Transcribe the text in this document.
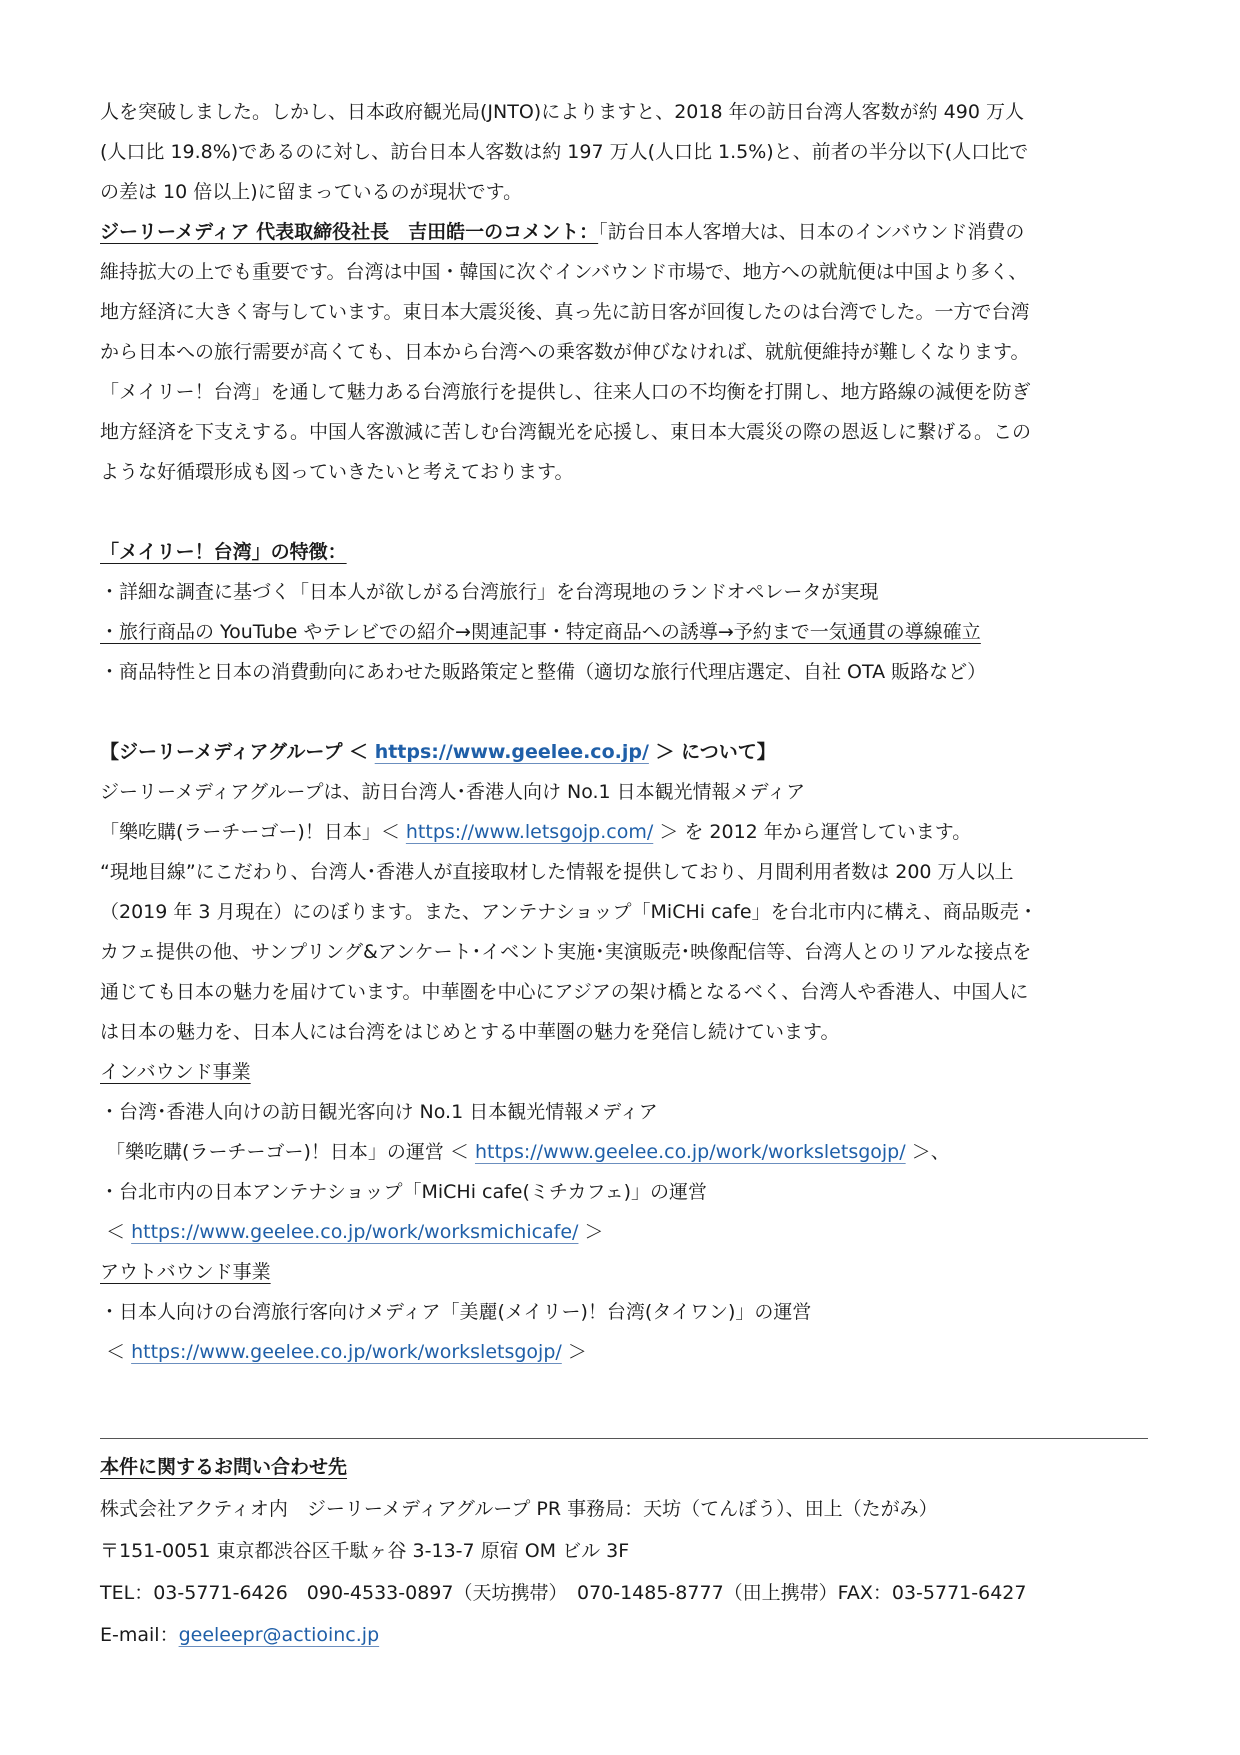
人を突破しました。しかし、日本政府観光局(JNTO)によりますと、2018 年の訪日台湾人客数が約 490 万人

(人口比 19.8%)であるのに対し、訪台日本人客数は約 197 万人(人口比 1.5%)と、前者の半分以下(人口比で

の差は 10 倍以上)に留まっているのが現状です。

ジーリーメディア 代表取締役社長　吉田皓一のコメント：「訪台日本人客増大は、日本のインバウンド消費の

維持拡大の上でも重要です。台湾は中国・韓国に次ぐインバウンド市場で、地方への就航便は中国より多く、

地方経済に大きく寄与しています。東日本大震災後、真っ先に訪日客が回復したのは台湾でした。一方で台湾

から日本への旅行需要が高くても、日本から台湾への乗客数が伸びなければ、就航便維持が難しくなります。

「メイリー！台湾」を通して魅力ある台湾旅行を提供し、往来人口の不均衡を打開し、地方路線の減便を防ぎ

地方経済を下支えする。中国人客激減に苦しむ台湾観光を応援し、東日本大震災の際の恩返しに繋げる。この

ような好循環形成も図っていきたいと考えております。

「メイリー！台湾」の特徴：

・詳細な調査に基づく「日本人が欲しがる台湾旅行」を台湾現地のランドオペレータが実現

・旅行商品の YouTube やテレビでの紹介→関連記事・特定商品への誘導→予約まで一気通貫の導線確立

・商品特性と日本の消費動向にあわせた販路策定と整備（適切な旅行代理店選定、自社 OTA 販路など）

【ジーリーメディアグループ ＜ https://www.geelee.co.jp/ ＞ について】

ジーリーメディアグループは、訪日台湾人･香港人向け No.1 日本観光情報メディア

「樂吃購(ラーチーゴー)！日本」＜ https://www.letsgojp.com/ ＞ を 2012 年から運営しています。

“現地目線”にこだわり、台湾人･香港人が直接取材した情報を提供しており、月間利用者数は 200 万人以上

（2019 年 3 月現在）にのぼります。また、アンテナショップ「MiCHi cafe」を台北市内に構え、商品販売・

カフェ提供の他、サンプリング&アンケート･イベント実施･実演販売･映像配信等、台湾人とのリアルな接点を

通じても日本の魅力を届けています。中華圏を中心にアジアの架け橋となるべく、台湾人や香港人、中国人に

は日本の魅力を、日本人には台湾をはじめとする中華圏の魅力を発信し続けています。

インバウンド事業

・台湾･香港人向けの訪日観光客向け No.1 日本観光情報メディア

「樂吃購(ラーチーゴー)！日本」の運営 ＜ https://www.geelee.co.jp/work/worksletsgojp/ ＞、

・台北市内の日本アンテナショップ「MiCHi cafe(ミチカフェ)」の運営

＜ https://www.geelee.co.jp/work/worksmichicafe/ ＞

アウトバウンド事業

・日本人向けの台湾旅行客向けメディア「美麗(メイリー)！台湾(タイワン)」の運営

＜ https://www.geelee.co.jp/work/worksletsgojp/ ＞

本件に関するお問い合わせ先

株式会社アクティオ内　ジーリーメディアグループ PR 事務局：天坊（てんぼう）、田上（たがみ）

〒151-0051 東京都渋谷区千駄ヶ谷 3-13-7 原宿 OM ビル 3F

TEL：03-5771-6426　090-4533-0897（天坊携帯）　070-1485-8777（田上携帯）FAX：03-5771-6427

E-mail：geeleepr@actioinc.jp
